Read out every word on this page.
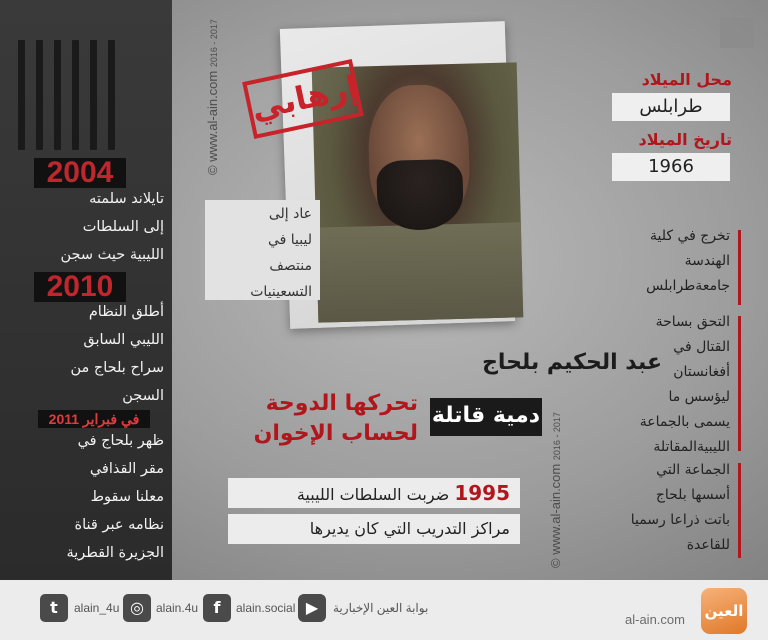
2004
تايلاند سلمته
إلى السلطات
الليبية حيث سجن
2010
أطلق النظام
الليبي السابق
سراح بلحاج من
السجن
في فبراير 2011
ظهر بلحاج في
مقر القذافي
معلنا سقوط
نظامه عبر قناة
الجزيرة القطرية
إرهابي
عاد إلى
ليبيا في
منتصف
التسعينيات
© www.al-ain.com 2016 - 2017
© www.al-ain.com 2016 - 2017
عبد الحكيم بلحاج
دمية قاتلة
تحركها الدوحة
لحساب الإخوان
1995 ضربت السلطات الليبية
مراكز التدريب التي كان يديرها
محل الميلاد
طرابلس
تاريخ الميلاد
1966
تخرج في كلية
الهندسة
جامعةطرابلس
التحق بساحة
القتال في
أفغانستان
ليؤسس ما
يسمى بالجماعة
الليبيةالمقاتلة
الجماعة التي
أسسها بلحاج
باتت ذراعا رسميا
للقاعدة
t	alain_4u ◎	alain.4u f	alain.social ▶	بوابة العين الإخبارية
al-ain.com العين
